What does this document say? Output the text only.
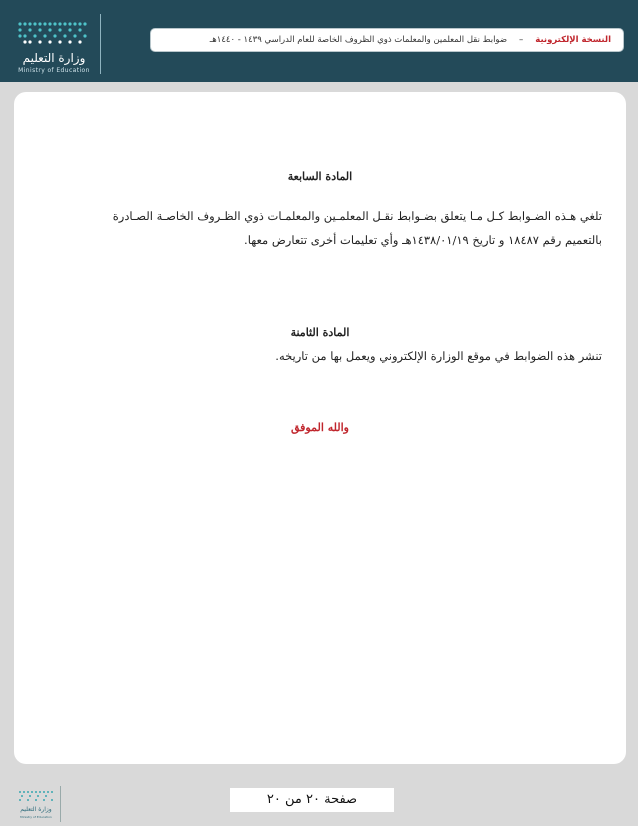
وزارة التعليم
Ministry of Education
النسخة الإلكترونية
–
ضوابط نقل المعلمين والمعلمات ذوي الظروف الخاصة للعام الدراسي ١٤٣٩ - ١٤٤٠هـ
المادة السابعة
تلغي هـذه الضـوابط كـل مـا يتعلق بضـوابط نقـل المعلمـين والمعلمـات ذوي الظـروف الخاصـة الصـادرة
بالتعميم رقم ١٨٤٨٧ و تاريخ ١٤٣٨/٠١/١٩هـ وأي تعليمات أخرى تتعارض معها.
المادة الثامنة
تنشر هذه الضوابط في موقع الوزارة الإلكتروني ويعمل بها من تاريخه.
والله الموفق
وزارة التعليم
Ministry of Education
صفحة ٢٠ من ٢٠
